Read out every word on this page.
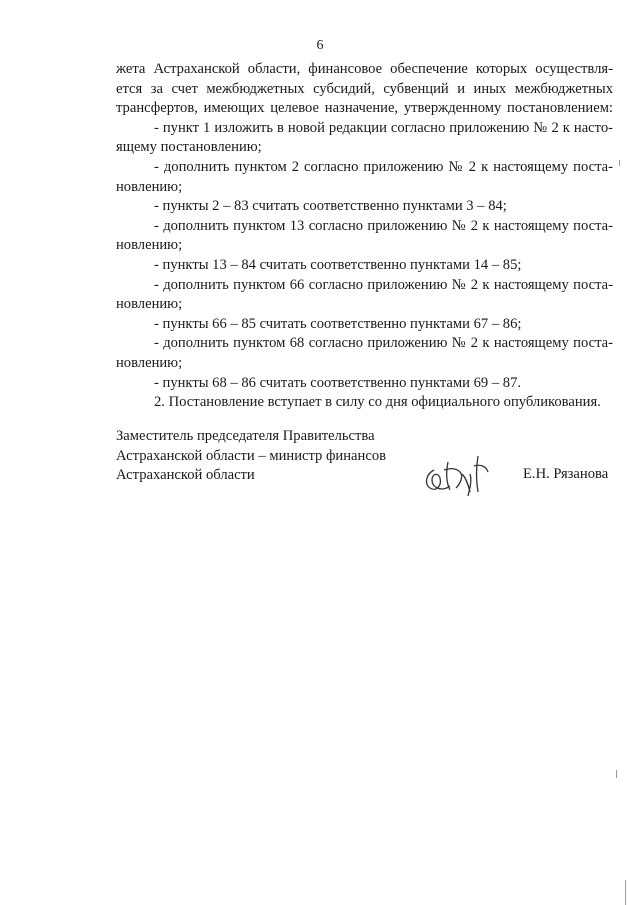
6

жета Астраханской области, финансовое обеспечение которых осуществля-
ется за счет межбюджетных субсидий, субвенций и иных межбюджетных
трансфертов, имеющих целевое назначение, утвержденному постановлением:

- пункт 1 изложить в новой редакции согласно приложению № 2 к насто-
ящему постановлению;

- дополнить пунктом 2 согласно приложению № 2 к настоящему поста-
новлению;

- пункты 2 – 83 считать соответственно пунктами 3 – 84;

- дополнить пунктом 13 согласно приложению № 2 к настоящему поста-
новлению;

- пункты 13 – 84 считать соответственно пунктами 14 – 85;

- дополнить пунктом 66 согласно приложению № 2 к настоящему поста-
новлению;

- пункты 66 – 85 считать соответственно пунктами 67 – 86;

- дополнить пунктом 68 согласно приложению № 2 к настоящему поста-
новлению;

- пункты 68 – 86 считать соответственно пунктами 69 – 87.

2. Постановление вступает в силу со дня официального опубликования.

Заместитель председателя Правительства
Астраханской области – министр финансов
Астраханской области	Е.Н. Рязанова
